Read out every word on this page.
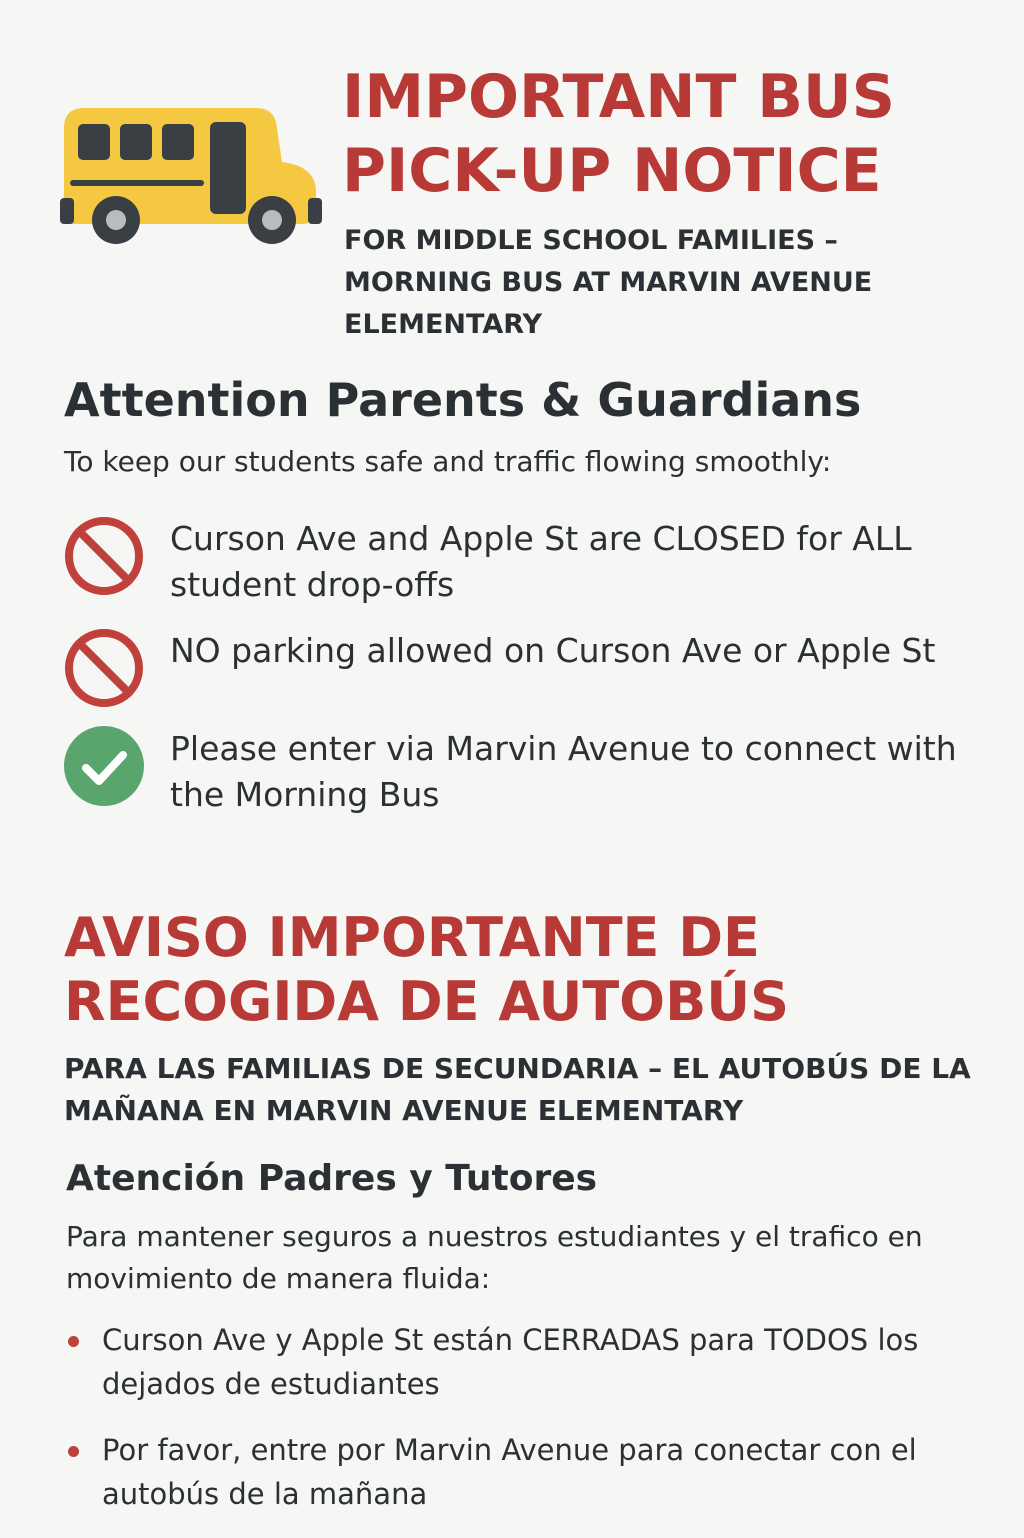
IMPORTANT BUS PICK-UP NOTICE

FOR MIDDLE SCHOOL FAMILIES – MORNING BUS AT MARVIN AVENUE ELEMENTARY

Attention Parents & Guardians

To keep our students safe and traffic flowing smoothly:

Curson Ave and Apple St are CLOSED for ALL student drop-offs
NO parking allowed on Curson Ave or Apple St
Please enter via Marvin Avenue to connect with the Morning Bus
AVISO IMPORTANTE DE RECOGIDA DE AUTOBÚS

PARA LAS FAMILIAS DE SECUNDARIA – EL AUTOBÚS DE LA MAÑANA EN MARVIN AVENUE ELEMENTARY

Atención Padres y Tutores

Para mantener seguros a nuestros estudiantes y el trafico en movimiento de manera fluida:

Curson Ave y Apple St están CERRADAS para TODOS los dejados de estudiantes
Por favor, entre por Marvin Avenue para conectar con el autobús de la mañana
